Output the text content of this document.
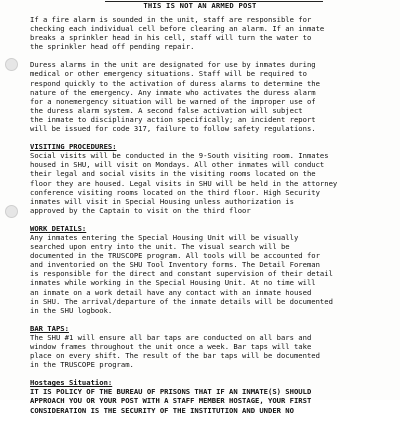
THIS IS NOT AN ARMED POST

If a fire alarm is sounded in the unit, staff are responsible for
checking each individual cell before clearing an alarm. If an inmate
breaks a sprinkler head in his cell, staff will turn the water to
the sprinkler head off pending repair.

Duress alarms in the unit are designated for use by inmates during
medical or other emergency situations. Staff will be required to
respond quickly to the activation of duress alarms to determine the
nature of the emergency. Any inmate who activates the duress alarm
for a nonemergency situation will be warned of the improper use of
the duress alarm system. A second false activation will subject
the inmate to disciplinary action specifically; an incident report
will be issued for code 317, failure to follow safety regulations.

VISITING PROCEDURES:

Social visits will be conducted in the 9-South visiting room. Inmates
housed in SHU, will visit on Mondays. All other inmates will conduct
their legal and social visits in the visiting rooms located on the
floor they are housed. Legal visits in SHU will be held in the attorney
conference visiting rooms located on the third floor. High Security
inmates will visit in Special Housing unless authorization is
approved by the Captain to visit on the third floor

WORK DETAILS:

Any inmates entering the Special Housing Unit will be visually
searched upon entry into the unit. The visual search will be
documented in the TRUSCOPE program. All tools will be accounted for
and inventoried on the SHU Tool Inventory forms. The Detail Foreman
is responsible for the direct and constant supervision of their detail
inmates while working in the Special Housing Unit. At no time will
an inmate on a work detail have any contact with an inmate housed
in SHU. The arrival/departure of the inmate details will be documented
in the SHU logbook.

BAR TAPS:

The SHU #1 will ensure all bar taps are conducted on all bars and
window frames throughout the unit once a week. Bar taps will take
place on every shift. The result of the bar taps will be documented
in the TRUSCOPE program.

Hostages Situation:

IT IS POLICY OF THE BUREAU OF PRISONS THAT IF AN INMATE(S) SHOULD
APPROACH YOU OR YOUR POST WITH A STAFF MEMBER HOSTAGE, YOUR FIRST
CONSIDERATION IS THE SECURITY OF THE INSTITUTION AND UNDER NO
